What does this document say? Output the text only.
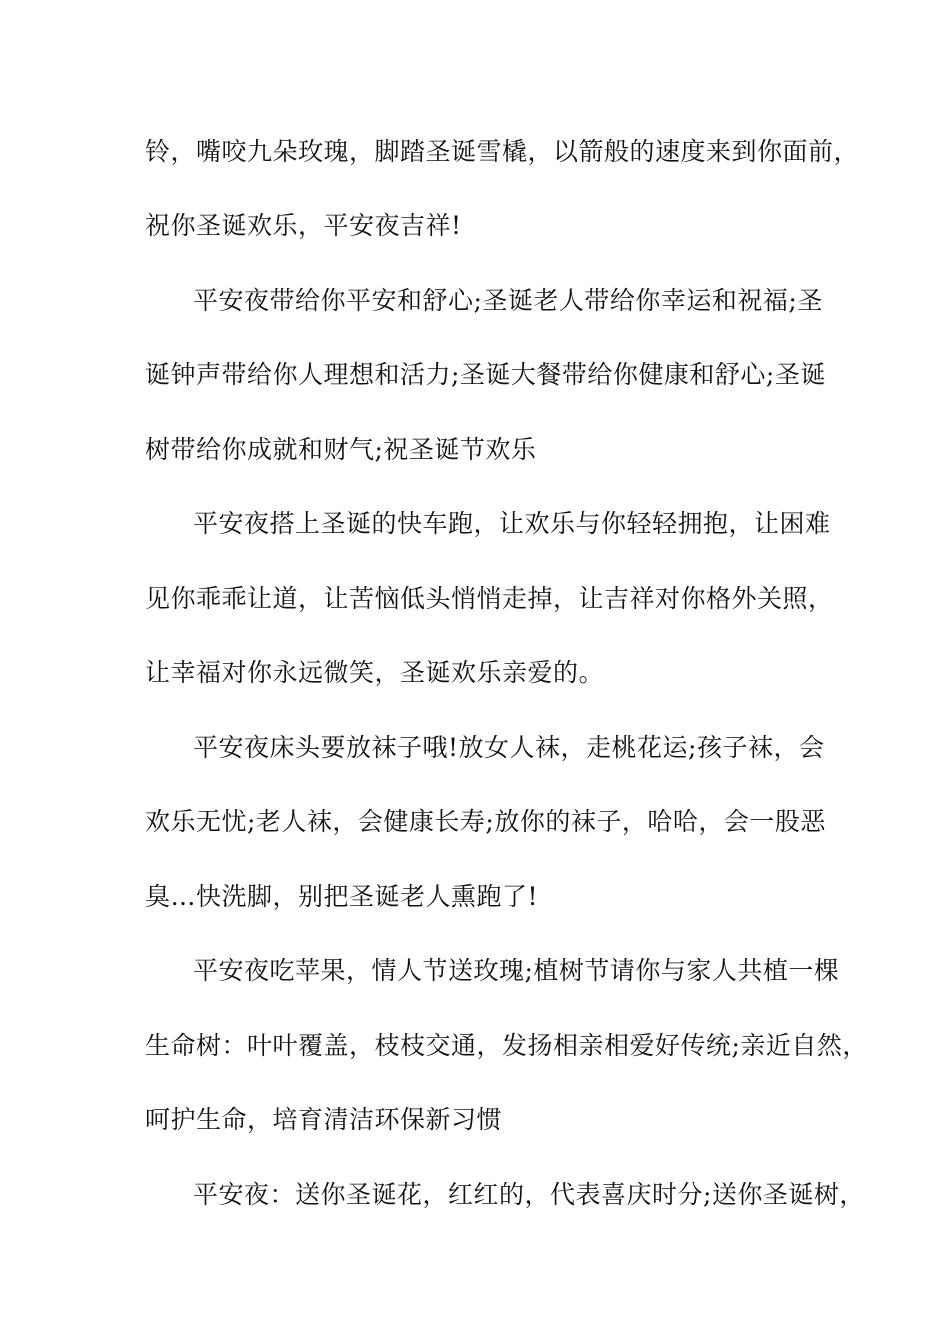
铃，嘴咬九朵玫瑰，脚踏圣诞雪橇，以箭般的速度来到你面前，
祝你圣诞欢乐，平安夜吉祥!
平安夜带给你平安和舒心;圣诞老人带给你幸运和祝福;圣
诞钟声带给你人理想和活力;圣诞大餐带给你健康和舒心;圣诞
树带给你成就和财气;祝圣诞节欢乐
平安夜搭上圣诞的快车跑，让欢乐与你轻轻拥抱，让困难
见你乖乖让道，让苦恼低头悄悄走掉，让吉祥对你格外关照，
让幸福对你永远微笑，圣诞欢乐亲爱的。
平安夜床头要放袜子哦!放女人袜，走桃花运;孩子袜，会
欢乐无忧;老人袜，会健康长寿;放你的袜子，哈哈，会一股恶
臭…快洗脚，别把圣诞老人熏跑了!
平安夜吃苹果，情人节送玫瑰;植树节请你与家人共植一棵
生命树：叶叶覆盖，枝枝交通，发扬相亲相爱好传统;亲近自然，
呵护生命，培育清洁环保新习惯
平安夜：送你圣诞花，红红的，代表喜庆时分;送你圣诞树，
